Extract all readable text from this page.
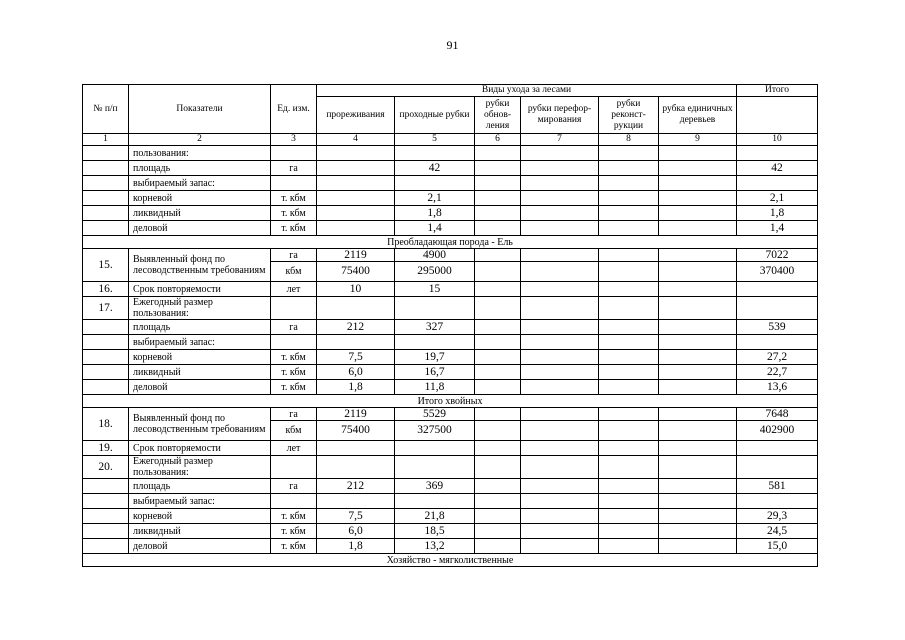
91
№ п/п	Показатели	Ед. изм.	Виды ухода за лесами						Итого
			прореживания	проходные рубки	рубки обнов-ления	рубки перефор-мирования	рубки реконст-рукции	рубка единичных деревьев	
1	2	3	4	5	6	7	8	9	10
	пользования:								
	площадь	га		42					42
	выбираемый запас:								
	корневой	т. кбм		2,1					2,1
	ликвидный	т. кбм		1,8					1,8
	деловой	т. кбм		1,4					1,4
Преобладающая порода - Ель									
15.	Выявленный фонд по лесоводственным требованиям	га	2119	4900					7022
		кбм	75400	295000					370400
16.	Срок повторяемости	лет	10	15					
17.	Ежегодный размер пользования:								
	площадь	га	212	327					539
	выбираемый запас:								
	корневой	т. кбм	7,5	19,7					27,2
	ликвидный	т. кбм	6,0	16,7					22,7
	деловой	т. кбм	1,8	11,8					13,6
Итого хвойных									
18.	Выявленный фонд по лесоводственным требованиям	га	2119	5529					7648
		кбм	75400	327500					402900
19.	Срок повторяемости	лет							
20.	Ежегодный размер пользования:								
	площадь	га	212	369					581
	выбираемый запас:								
	корневой	т. кбм	7,5	21,8					29,3
	ликвидный	т. кбм	6,0	18,5					24,5
	деловой	т. кбм	1,8	13,2					15,0
Хозяйство - мягколиственные									
